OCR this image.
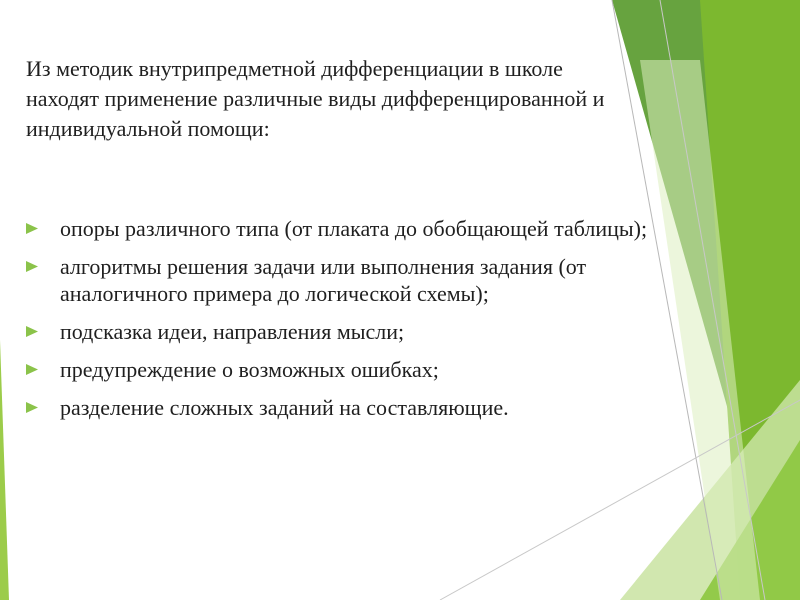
Из методик внутрипредметной дифференциации в школе находят применение различные виды дифференцированной и индивидуальной помощи:

опоры различного типа (от плаката до обобщающей таблицы);
алгоритмы решения задачи или выполнения задания (от аналогичного примера до логической схемы);
подсказка идеи, направления мысли;
предупреждение о возможных ошибках;
разделение сложных заданий на составляющие.
